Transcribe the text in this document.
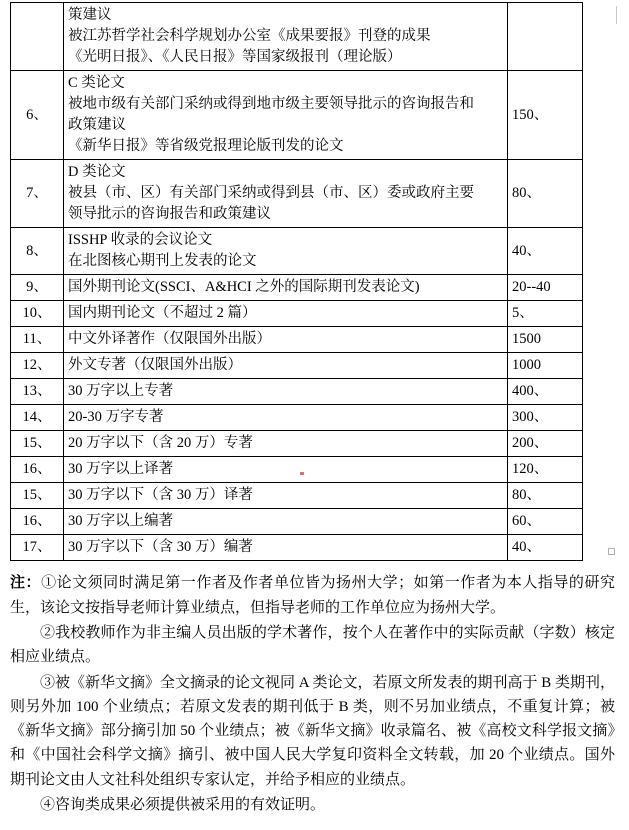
	策建议

被江苏哲学社会科学规划办公室《成果要报》刊登的成果

《光明日报》、《人民日报》等国家级报刊（理论版）	

6、	C 类论文

被地市级有关部门采纳或得到地市级主要领导批示的咨询报告和

政策建议

《新华日报》等省级党报理论版刊发的论文	150、
7、	D 类论文

被县（市、区）有关部门采纳或得到县（市、区）委或政府主要

领导批示的咨询报告和政策建议	80、
8、	ISSHP 收录的会议论文

在北图核心期刊上发表的论文	40、
9、	国外期刊论文(SSCI、A&HCI 之外的国际期刊发表论文)	20--40
10、	国内期刊论文（不超过 2 篇）	5、
11、	中文外译著作（仅限国外出版）	1500
12、	外文专著（仅限国外出版）	1000
13、	30 万字以上专著	400、
14、	20-30 万字专著	300、
15、	20 万字以下（含 20 万）专著	200、
16、	30 万字以上译著	120、
15、	30 万字以下（含 30 万）译著	80、
16、	30 万字以上编著	60、
17、	30 万字以下（含 30 万）编著	40、

注：①论文须同时满足第一作者及作者单位皆为扬州大学；如第一作者为本人指导的研究生，该论文按指导老师计算业绩点，但指导老师的工作单位应为扬州大学。

②我校教师作为非主编人员出版的学术著作，按个人在著作中的实际贡献（字数）核定相应业绩点。

③被《新华文摘》全文摘录的论文视同 A 类论文，若原文所发表的期刊高于 B 类期刊，则另外加 100 个业绩点；若原文发表的期刊低于 B 类，则不另加业绩点，不重复计算；被《新华文摘》部分摘引加 50 个业绩点；被《新华文摘》收录篇名、被《高校文科学报文摘》和《中国社会科学文摘》摘引、被中国人民大学复印资料全文转载，加 20 个业绩点。国外期刊论文由人文社科处组织专家认定，并给予相应的业绩点。

④咨询类成果必须提供被采用的有效证明。
